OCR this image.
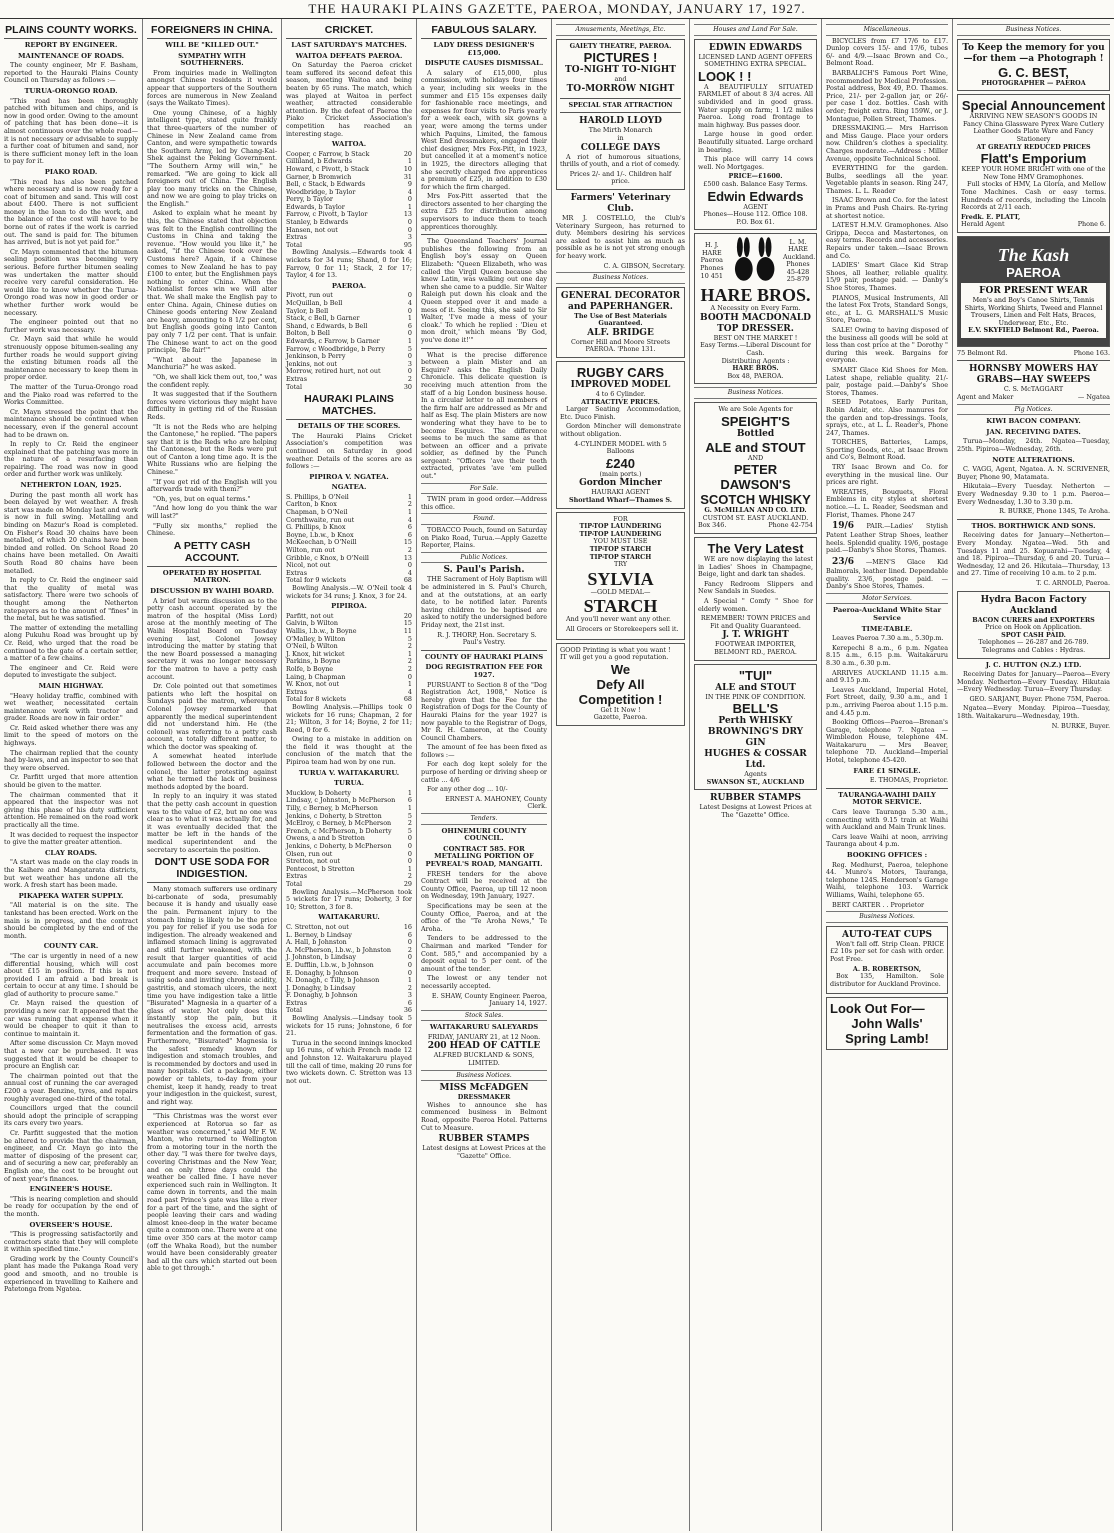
THE HAURAKI PLAINS GAZETTE, PAEROA, MONDAY, JANUARY 17, 1927.
PLAINS COUNTY WORKS.
REPORT BY ENGINEER.
MAINTENANCE OF ROADS.

The county engineer, Mr F. Basham, reported to the Hauraki Plains County Council on Thursday as follows :—

TURUA-ORONGO ROAD.

"This road has been thoroughly patched with bitumen and chips, and is now in good order. Owing to the amount of patching that has been done—it is almost continuous over the whole road—it is not necessary or advisable to supply a further coat of bitumen and sand, nor is there sufficient money left in the loan to pay for it.

PIAKO ROAD.

"This road has also been patched where necessary and is now ready for a coat of bitumen and sand. This will cost about £400. There is not sufficient money in the loan to do the work, and the balance of the cost will have to be borne out of rates if the work is carried out. The sand is paid for. The bitumen has arrived, but is not yet paid for."

Cr. Mayn commented that the bitumen sealing position was becoming very serious. Before further bitumen sealing was undertaken the matter should receive very careful consideration. He would like to know whether the Turua-Orongo road was now in good order or whether further work would be necessary.

The engineer pointed out that no further work was necessary.

Cr. Mayn said that while he would strenuously oppose bitumen-sealing any further roads he would support giving the existing bitumen roads all the maintenance necessary to keep them in proper order.

The matter of the Turua-Orongo road and the Piako road was referred to the Works Committee.

Cr. Mayn stressed the point that the maintenance should be continued when necessary, even if the general account had to be drawn on.

In reply to Cr. Reid the engineer explained that the patching was more in the nature of a resurfacing than repairing. The road was now in good order and further work was unlikely.

NETHERTON LOAN, 1925.

During the past month all work has been delayed by wet weather. A fresh start was made on Monday last and work is now in full swing. Metalling and binding on Mazur's Road is completed. On Fisher's Road 30 chains have been metalled, of which 20 chains have been binded and rolled. On School Road 20 chains have been metalled. On Awaiti South Road 80 chains have been metalled.

In reply to Cr. Reid the engineer said that the quality of metal was satisfactory. There were two schools of thought among the Netherton ratepayers as to the amount of "fines" in the metal, but he was satisfied.

The matter of extending the metalling along Pukuhu Road was brought up by Cr. Reid, who urged that the road be continued to the gate of a certain settler, a matter of a few chains.

The engineer and Cr. Reid were deputed to investigate the subject.

MAIN HIGHWAY.

"Heavy holiday traffic, combined with wet weather, necessitated certain maintenance work with tractor and grader. Roads are now in fair order."

Cr. Reid asked whether there was any limit to the speed of motors on the highways.

The chairman replied that the county had by-laws, and an inspector to see that they were observed.

Cr. Parfitt urged that more attention should be given to the matter.

The chairman commented that it appeared that the inspector was not giving this phase of his duty sufficient attention. He remained on the road work practically all the time.

It was decided to request the inspector to give the matter greater attention.

CLAY ROADS.

"A start was made on the clay roads in the Kaihere and Mangatarata districts, but wet weather has undone all the work. A fresh start has been made.

PIKAPEKA WATER SUPPLY.

"All material is on the site. The tankstand has been erected. Work on the main is in progress, and the contract should be completed by the end of the month.

COUNTY CAR.

"The car is urgently in need of a new differential housing, which will cost about £15 in position. If this is not provided I am afraid a bad break is certain to occur at any time. I should be glad of authority to procure same."

Cr. Mayn raised the question of providing a new car. It appeared that the car was running that expense when it would be cheaper to quit it than to continue to maintain it.

After some discussion Cr. Mayn moved that a new car be purchased. It was suggested that it would be cheaper to procure an English car.

The chairman pointed out that the annual cost of running the car averaged £200 a year. Benzine, tyres, and repairs roughly averaged one-third of the total.

Councillors urged that the council should adopt the principle of scrapping its cars every two years.

Cr. Parfitt suggested that the motion be altered to provide that the chairman, engineer, and Cr. Mayn go into the matter of disposing of the present car, and of securing a new car, preferably an English one, the cost to be brought out of next year's finances.

ENGINEER'S HOUSE.

"This is nearing completion and should be ready for occupation by the end of the month.

OVERSEER'S HOUSE.

"This is progressing satisfactorily and contractors state that they will complete it within specified time."

Grading work by the County Council's plant has made the Pukanga Road very good and smooth, and no trouble is experienced in travelling to Kaihere and Patetonga from Ngatea.

FOREIGNERS IN CHINA.
WILL BE "KILLED OUT."
SYMPATHY WITH SOUTHERNERS.

From inquiries made in Wellington amongst Chinese residents it would appear that supporters of the Southern forces are numerous in New Zealand (says the Waikato Times).

One young Chinese, of a highly intelligent type, stated quite frankly that three-quarters of the number of Chinese in New Zealand came from Canton, and were sympathetic towards the Southern Army, led by Chang-Kai-Shek against the Peking Government. "The Southern Army will win," he remarked. "We are going to kick all foreigners out of China. The English play too many tricks on the Chinese, and now we are going to play tricks on the English."

Asked to explain what he meant by this, the Chinese stated that objection was felt to the English controlling the Customs in China and taking the revenue. "How would you like it," he asked, "if the Chinese took over the Customs here? Again, if a Chinese comes to New Zealand he has to pay £100 to enter, but the Englishmen pays nothing to enter China. When the Nationalist forces win we will alter that. We shall make the English pay to enter China. Again, Chinese duties on Chinese goods entering New Zealand are heavy, amounting to 8 1/2 per cent, but English goods going into Canton pay only 7 1/2 per cent. That is unfair. The Chinese want to act on the good principle, 'Be fair!'"

"What about the Japanese in Manchuria?" he was asked.

"Oh, we shall kick them out, too," was the confident reply.

It was suggested that if the Southern forces were victorious they might have difficulty in getting rid of the Russian Reds.

"It is not the Reds who are helping the Cantonese," he replied. "The papers say that it is the Reds who are helping the Cantonese, but the Reds were put out of Canton a long time ago. It is the White Russians who are helping the Chinese."

"If you get rid of the English will you afterwards trade with them?"

"Oh, yes, but on equal terms."

"And how long do you think the war will last?"

"Fully six months," replied the Chinese.

A PETTY CASH ACCOUNT.
OPERATED BY HOSPITAL MATRON.
DISCUSSION BY WAIHI BOARD.

A brief but warm discussion as to the petty cash account operated by the matron of the hospital (Miss Lord) arose at the monthly meeting of The Waihi Hospital Board on Tuesday evening last, Colonel Jowsey introducing the matter by stating that the new Board possessed a managing secretary it was no longer necessary for the matron to have a petty cash account.

Dr. Cole pointed out that sometimes patients who left the hospital on Sundays paid the matron, whereupon Colonel Jowsey remarked that apparently the medical superintendent did not understand him. He (the colonel) was referring to a petty cash account, a totally different matter, to which the doctor was speaking of.

A somewhat heated interlude followed between the doctor and the colonel, the latter protesting against what he termed the lack of business methods adopted by the board.

In reply to an inquiry it was stated that the petty cash account in question was to the value of £2, but no one was clear as to what it was actually for, and it was eventually decided that the matter be left in the hands of the medical superintendent and the secretary to ascertain the position.

DON'T USE SODA FOR INDIGESTION.

Many stomach sufferers use ordinary bi-carbonate of soda, presumably because it is handy and usually ease the pain. Permanent injury to the stomach lining is likely to be the price you pay for relief if you use soda for indigestion. The already weakened and inflamed stomach lining is aggravated and still further weakened, with the result that larger quantities of acid accumulate and pain becomes more frequent and more severe. Instead of using soda and inviting chronic acidity, gastritis, and stomach ulcers, the next time you have indigestion take a little "Bisurated" Magnesia in a quarter of a glass of water. Not only does this instantly stop the pain, but it neutralises the excess acid, arrests fermentation and the formation of gas. Furthermore, "Bisurated" Magnesia is the safest remedy known for indigestion and stomach troubles, and is recommended by doctors and used in many hospitals. Get a package, either powder or tablets, to-day from your chemist, keep it handy, ready to treat your indigestion in the quickest, surest, and right way.

"This Christmas was the worst ever experienced at Rotorua so far as weather was concerned," said Mr F. W. Manton, who returned to Wellington from a motoring tour in the north the other day. "I was there for twelve days, covering Christmas and the New Year, and on only three days could the weather be called fine. I have never experienced such rain in Wellington. It came down in torrents, and the main road past Prince's gate was like a river for a part of the time, and the sight of people leaving their cars and wading almost knee-deep in the water became quite a common one. There were at one time over 350 cars at the motor camp (off the Whaka Road), but the number would have been considerably greater had all the cars which started out been able to get through."

CRICKET.
LAST SATURDAY'S MATCHES.
WAITOA DEFEATS PAEROA.

On Saturday the Paeroa cricket team suffered its second defeat this season, meeting Waitoa and being beaten by 65 runs. The match, which was played at Waitoa in perfect weather, attracted considerable attention. By the defeat of Paeroa the Piako Cricket Association's competition has reached an interesting stage.

WAITOA.
Cooper, c Farrow, b Stack	20
Gilliland, b Edwards	1
Howard, c Pivott, b Stack	10
Garner, b Bromwich	31
Bell, c Stack, b Edwards	9
Woodbridge, b Taylor	4
Perry, b Taylor	0
Edwards, b Taylor	1
Farrow, c Pivott, b Taylor	13
Stanley, b Edwards	0
Hansen, not out	0
Extras	3
Total	95

Bowling Analysis.—Edwards took 4 wickets for 34 runs; Shand, 0 for 16; Farrow, 0 for 11; Stack, 2 for 17; Taylor, 4 for 13.

PAEROA.
Pivott, run out	0
McQuillan, b Bell	4
Taylor, b Bell	0
Stack, c Bell, b Garner	1
Shand, c Edwards, b Bell	6
Bolton, b Bell	0
Edwards, c Farrow, b Garner	1
Farrow, c Woodbridge, b Perry	5
Jenkinson, b Perry	0
Jenkins, not out	3
Morrow, retired hurt, not out	0
Extras	2
Total	30
HAURAKI PLAINS MATCHES.
DETAILS OF THE SCORES.

The Hauraki Plains Cricket Association's competition was continued on Saturday in good weather. Details of the scores are as follows :—

PIPIROA V. NGATEA.
NGATEA.
S. Phillips, b O'Neil	1
Carlton, b Knox	2
Chapman, b O'Neil	1
Cornthwaite, run out	4
G. Phillips, b Knox	6
Boyne, l.b.w., b Knox	6
McKeechan, b O'Neill	15
Wilton, run out	2
Gribble, c Knox, b O'Neill	13
Nicol, not out	0
Extras	4
Total for 9 wickets	68

Bowling Analysis.—W. O'Neil took 4 wickets for 34 runs; J. Knox, 3 for 24.

PIPIROA.
Parfitt, not out	20
Galvin, b Wilton	15
Wallis, l.b.w., b Boyne	11
O'Malley, b Wilton	5
O'Neil, b Wilton	2
J. Knox, hit wicket	1
Parkins, b Boyne	2
Rolfe, b Boyne	2
Laing, b Chapman	0
W. Knox, not out	1
Extras	4
Total for 8 wickets	68

Bowling Analysis.—Phillips took 0 wickets for 16 runs; Chapman, 2 for 21; Wilton, 3 for 14; Boyne, 2 for 11; Reed, 0 for 6.

Owing to a mistake in addition on the field it was thought at the conclusion of the match that the Pipiroa team had won by one run.

TURUA V. WAITAKARURU.
TURUA.
Mucklow, b Doherty	1
Lindsay, c Johnston, b McPherson 6
Tilly, c Berney, b McPherson	1
Jenkins, c Doherty, b Stretton	5
McElroy, c Berney, b McPherson	2
French, c McPherson, b Doherty	5
Owens, a and b Stretton	0
Jenkins, c Doherty, b McPherson	0
Olsen, run out	0
Stretton, not out	0
Pentecost, b Stretton	1
Extras	2
Total	29

Bowling Analysis.—McPherson took 5 wickets for 17 runs; Doherty, 3 for 10; Stretton, 3 for 8.

WAITAKARURU.
C. Stretton, not out	16
L. Berney, b Lindsay	6
A. Hall, b Johnston	0
A. McPherson, l.b.w., b Johnston	2
J. Johnston, b Lindsay	0
E. Dufflin, l.b.w., b Johnson	0
E. Donaghy, b Johnson	0
N. Donagh, c Tilly, b Johnson	1
J. Donaghy, b Lindsay	2
F. Donaghy, b Johnson	3
Extras	6
Total	36

Bowling Analysis.—Lindsay took 5 wickets for 15 runs; Johnstone, 6 for 21.

Turua in the second innings knocked up 16 runs, of which French made 12 and Johnston 12. Waitakaruru played till the call of time, making 20 runs for two wickets down. C. Stretton was 13 not out.

FABULOUS SALARY.
LADY DRESS DESIGNER'S £15,000.
DISPUTE CAUSES DISMISSAL.

A salary of £15,000, plus commission, with holidays four times a year, including six weeks in the summer and £15 15s expenses daily for fashionable race meetings, and expenses for four visits to Paris yearly for a week each, with six gowns a year, were among the terms under which Paquins, Limited, the famous West End dressmakers, engaged their chief designer, Mrs Fox-Pitt, in 1923, but cancelled it at a moment's notice in 1925, the directors alleging that she secretly charged five apprentices a premium of £25, in addition to £30 for which the firm charged.

Mrs Fox-Pitt asserted that the directors assented to her charging the extra £25 for distribution among supervisors to induce them to teach apprentices thoroughly.

The Queensland Teachers' Journal publishes the following from an English boy's essay on Queen Elizabeth: "Queen Elizabeth, who was called the Virgil Queen because she knew Latin, was walking out one day when she came to a puddle. Sir Walter Raleigh put down his cloak and the Queen stepped over it and made a mess of it. Seeing this, she said to Sir Walter, 'I've made a mess of your cloak.' To which he replied : 'Dieu et mon droit,' which means 'By God, you've done it!'"

What is the precise difference between a plain Mister and an Esquire? asks the English Daily Chronicle. This delicate question is receiving much attention from the staff of a big London business house. In a circular letter to all members of the firm half are addressed as Mr and half as Esq. The plain Misters are now wondering what they have to be to become Esquires. The difference seems to be much the same as that between an officer and a private soldier, as defined by the Punch sergeant: "Officers 'ave their teeth extracted, privates 'ave 'em pulled out."

For Sale.

TWIN pram in good order.—Address this office.

Found.

TOBACCO Pouch, found on Saturday on Piako Road, Turua.—Apply Gazette Reporter, Plains.

Public Notices.
S. Paul's Parish.

THE Sacrament of Holy Baptism will be administered in S. Paul's Church, and at the outstations, at an early date, to be notified later. Parents having children to be baptised are asked to notify the undersigned before Friday next, the 21st inst.

R. J. THORP, Hon. Secretary S. Paul's Vestry.

COUNTY OF HAURAKI PLAINS
DOG REGISTRATION FEE FOR 1927.

PURSUANT to Section 8 of the "Dog Registration Act, 1908," Notice is hereby given that the Fee for the Registration of Dogs for the County of Hauraki Plains for the year 1927 is now payable to the Registrar of Dogs, Mr R. H. Cameron, at the County Council Chambers.

The amount of fee has been fixed as follows :—

For each dog kept solely for the purpose of herding or driving sheep or cattle ... 4/6

For any other dog ... 10/-

ERNEST A. MAHONEY, County Clerk.

Tenders.
OHINEMURI COUNTY COUNCIL.
CONTRACT 585. FOR METALLING PORTION OF PEVREAL'S ROAD, MANGAITI.

FRESH tenders for the above Contract will be received at the County Office, Paeroa, up till 12 noon on Wednesday, 19th January, 1927.

Specifications may be seen at the County Office, Paeroa, and at the office of the "Te Aroha News," Te Aroha.

Tenders to be addressed to the Chairman and marked "Tender for Cont. 585," and accompanied by a deposit equal to 5 per cent. of the amount of the tender.

The lowest or any tender not necessarily accepted.

E. SHAW, County Engineer. Paeroa, January 14, 1927.

Stock Sales.
WAITAKARURU SALEYARDS
FRIDAY, JANUARY 21, at 12 Noon.
200 HEAD OF CATTLE
ALFRED BUCKLAND & SONS, LIMITED.
Business Notices.
MISS McFADGEN
DRESSMAKER

Wishes to announce she has commenced business in Belmont Road, opposite Paeroa Hotel. Patterns Cut to Measure.

RUBBER STAMPS
Latest designs at Lowest Prices at the "Gazette" Office.
Amusements, Meetings, Etc.
GAIETY THEATRE, PAEROA.
PICTURES !
TO-NIGHT TO-NIGHT
and
TO-MORROW NIGHT
SPECIAL STAR ATTRACTION
HAROLD LLOYD
The Mirth Monarch
in
COLLEGE DAYS

A riot of humorous situations, thrills of youth, and a riot of comedy.

Prices 2/- and 1/-. Children half price.
Farmers' Veterinary Club.

MR J. COSTELLO, the Club's Veterinary Surgeon, has returned to duty. Members desiring his services are asked to assist him as much as possible as he is not yet strong enough for heavy work.

C. A. GIBSON, Secretary.

Business Notices.
GENERAL DECORATOR and PAPERHANGER.
The Use of Best Materials Guaranteed.
ALF. BRIDGE
Corner Hill and Moore Streets PAEROA. 'Phone 131.
RUGBY CARS
IMPROVED MODEL
4 to 6 Cylinder.
ATTRACTIVE PRICES.

Larger Seating Accommodation, Etc. Duco Finish.

Gordon Mincher will demonstrate without obligation.

4-CYLINDER MODEL with 5 Balloons
£240
(main ports.)
Gordon Mincher
HAURAKI AGENT
Shortland Wharf—Thames S.
FOR
TIP-TOP LAUNDERING
TIP-TOP LAUNDERING
YOU MUST USE
TIP-TOP STARCH
TIP-TOP STARCH
TRY
SYLVIA
—GOLD MEDAL—
STARCH

And you'll never want any other.

All Grocers or Storekeepers sell it.

GOOD Printing is what you want !
IT will get you a good reputation.
We
Defy All
Competition !
Get It Now !
Gazette, Paeroa.
Houses and Land For Sale.
EDWIN EDWARDS
LICENSED LAND AGENT OFFERS SOMETHING EXTRA SPECIAL.
LOOK ! !

A BEAUTIFULLY SITUATED FARMLET of about 8 3/4 acres. All subdivided and in good grass. Water supply on farm; 1 1/2 miles Paeroa. Long road frontage to main highway. Bus passes door.

Large house in good order. Beautifully situated. Large orchard in bearing.

This place will carry 14 cows well. No Mortgages.

PRICE—£1600.
£500 cash. Balance Easy Terms.
Edwin Edwards
AGENT
Phones—House 112. Office 108. P.O. Box 61.
H. J. HARE Paeroa Phones 10 451
L. M. HARE Auckland. Phones 45-428 25-879
HARE BROS.
A Necessity on Every Farm.
BOOTH MACDONALD TOP DRESSER.
BEST ON THE MARKET !
Easy Terms.—Liberal Discount for Cash.
Distributing Agents :
HARE BROS.
Box 48, PAEROA.
Business Notices.
We are Sole Agents for
SPEIGHT'S
Bottled
ALE and STOUT
AND
PETER DAWSON'S
SCOTCH WHISKY
G. McMILLAN AND CO. LTD.
CUSTOM ST. EAST AUCKLAND.
Box 346.	Phone 42-754
The Very Latest

WE are now displaying the latest in Ladies' Shoes in Champagne, Beige, light and dark tan shades.

Fancy Redroom Slippers and New Sandals in Suedes.

A Special " Comfy " Shoe for elderly women.

REMEMBER! TOWN PRICES and Fit and Quality Guaranteed.
J. T. WRIGHT
FOOTWEAR IMPORTER, BELMONT RD., PAEROA.
"TUI"
ALE and STOUT
IN THE PINK OF CONDITION.
BELL'S
Perth WHISKY
BROWNING'S DRY GIN
HUGHES & COSSAR Ltd.
Agents
SWANSON ST., AUCKLAND
RUBBER STAMPS
Latest Designs at Lowest Prices at The "Gazette" Office.
Miscellaneous.

BICYCLES from £7 17/6 to £17. Dunlop covers 15/- and 17/6, tubes 6/- and 4/9.—Isaac Brown and Co., Belmont Road.

BARBALICH'S Famous Port Wine, recommended by Medical Profession. Postal address, Box 49, P.O. Thames. Price, 21/- per 2-gallon jar, or 26/- per case 1 doz. bottles. Cash with order; freight extra. Ring 159W., or J. Montague, Pollen Street, Thames.

DRESSMAKING.— Mrs Harrison and Miss Gauge. Place your orders now. Children's clothes a speciality. Charges moderate.—Address : Miller Avenue, opposite Technical School.

EVERYTHING for the garden. Bulbs, seedlings all the year. Vegetable plants in season. Ring 247, Thames. L. L. Reader

ISAAC Brown and Co. for the latest in Prams and Push Chairs. Re-tyring at shortest notice.

LATEST H.M.V. Gramophones. Also Grippa, Decca and Mastertones, on easy terms. Records and accessories. Repairs under taken.—Isaac Brown and Co.

LADIES' Smart Glace Kid Strap Shoes, all leather, reliable quality. 15/9 pair, postage paid. — Danby's Shoe Stores, Thames.

PIANOS, Musical Instruments, All the latest Fox Trots, Standard Songs, etc., at L. G. MARSHALL'S Music Store, Paeroa.

SALE! Owing to having disposed of the business all goods will be sold at less than cost price at the " Dorothy " during this week. Bargains for everyone.

SMART Glace Kid Shoes for Men. Latest shape, reliable quality. 21/- pair, postage paid.—Danby's Shoe Stores, Thames.

SEED Potatoes, Early Puritan, Robin Adair, etc. Also manures for the garden and top-dressings. Tools, sprays, etc., at L. L. Reader's, Phone 247, Thames.

TORCHES, Batteries, Lamps, Sporting Goods, etc., at Isaac Brown and Co's, Belmont Road.

TRY Isaac Brown and Co. for everything in the musical line. Our prices are right.

WREATHS, Bouquets, Floral Emblems in city styles at shortest notice.—L. L. Reader, Seedsman and Florist, Thames. Phone 247

19/6 PAIR.—Ladies' Stylish Patent Leather Strap Shoes, leather heels. Splendid quality. 19/6, postage paid.—Danby's Shoe Stores, Thames.

23/6 —MEN'S Glace Kid Balmorals, leather lined. Dependable quality. 23/6, postage paid. — Danby's Shoe Stores, Thames.

Motor Services.
Paeroa-Auckland White Star Service
TIME-TABLE.

Leaves Paeroa 7.30 a.m., 5.30p.m.

Kerepechi 8 a.m., 6 p.m. Ngatea 8.15 a.m., 6.15 p.m. Waitakaruru 8.30 a.m., 6.30 p.m.

ARRIVES AUCKLAND 11.15 a.m. and 9.15 p.m.

Leaves Auckland, Imperial Hotel, Fort Street, daily, 9.30 a.m., and 1 p.m., arriving Paeroa about 1.15 p.m. and 4.45 p.m.

Booking Offices—Paeroa—Brenan's Garage, telephone 7. Ngatea — Wimbledon House, telephone 4M. Waitakaruru — Mrs Beaver, telephone 7D. Auckland—Imperial Hotel, telephone 45-420.

FARE £1 SINGLE.

E. THOMAS, Proprietor.

TAURANGA-WAIHI DAILY MOTOR SERVICE.

Cars leave Tauranga 5.30 a.m., connecting with 9.15 train at Waihi with Auckland and Main Trunk lines.

Cars leave Waihi at noon, arriving Tauranga about 4 p.m.

BOOKING OFFICES :

Reg. Medhurst, Paeroa, telephone 44. Munro's Motors, Tauranga, telephone 124S. Henderson's Garage Waihi, telephone 103. Warrick Williams, Waihi, telephone 65.

BERT CARTER . . Proprietor

Business Notices.
AUTO-TEAT CUPS

Won't fall off. Strip Clean. PRICE £2 10s per set for cash with order. Post Free.

A. B. ROBERTSON,

Box 135, Hamilton. Sole distributor for Auckland Province.

Look Out For—
John Walls' Spring Lamb!
Business Notices.
To Keep the memory for you—for them —a Photograph !
G. C. BEST,
PHOTOGRAPHER — PAEROA
Special Announcement
ARRIVING NEW SEASON'S GOODS IN
Fancy China Glassware Pyrex Ware Cutlery Leather Goods Plate Ware and Fancy Stationery
AT GREATLY REDUCED PRICES
Flatt's Emporium
KEEP YOUR HOME BRIGHT with one of the New Tone HMV Gramophones.

Full stocks of HMV, La Gloria, and Mellow Tone Machines. Cash or easy terms. Hundreds of records, including the Lincoln Records at 2/11 each.

Fredk. E. PLATT,
Herald Agent	Phone 6.
The Kash
PAEROA
FOR PRESENT WEAR
Men's and Boy's Canoe Shirts, Tennis Shirts, Working Shirts, Tweed and Flannel Trousers, Linen and Felt Hats, Braces, Underwear, Etc., Etc.
E.V. SKYFIELD Belmont Rd., Paeroa.
75 Belmont Rd.	Phone 163.
HORNSBY MOWERS HAY GRABS—HAY SWEEPS
C. S. McTAGGART
Agent and Maker	— Ngatea
Pig Notices.
KIWI BACON COMPANY.
JAN. RECEIVING DATES.

Turua—Monday, 24th. Ngatea—Tuesday, 25th. Pipiroa—Wednesday, 26th.

NOTE ALTERATIONS.

C. VAGG, Agent, Ngatea. A. N. SCRIVENER, Buyer, Phone 90, Matamata.

Hikutaia—Every Tuesday. Netherton — Every Wednesday 9.30 to 1 p.m. Paeroa—Every Wednesday, 1.30 to 3.30 p.m.

R. BURKE, Phone 134S, Te Aroha.

THOS. BORTHWICK AND SONS.

Receiving dates for January—Netherton—Every Monday. Ngatea—Wed. 5th and Tuesdays 11 and 25. Kopuarahi—Tuesday, 4 and 18. Pipiroa—Thursday, 6 and 20. Turua—Wednesday, 12 and 26. Hikutaia—Thursday, 13 and 27. Time of receiving 10 a.m. to 2 p.m.

T. C. ARNOLD, Paeroa.

Hydra Bacon Factory Auckland
BACON CURERS and EXPORTERS
Price on Hook on Application.
SPOT CASH PAID.
Telephones — 26-287 and 26-789. Telegrams and Cables : Hydras.
J. C. HUTTON (N.Z.) LTD.

Receiving Dates for January—Paeroa—Every Monday. Netherton—Every Tuesday. Hikutaia—Every Wednesday. Turua—Every Thursday.

GEO. SARJANT, Buyer. Phone 75M, Paeroa.

Ngatea—Every Monday. Pipiroa—Tuesday, 18th. Waitakaruru—Wednesday, 19th.

N. BURKE, Buyer.
